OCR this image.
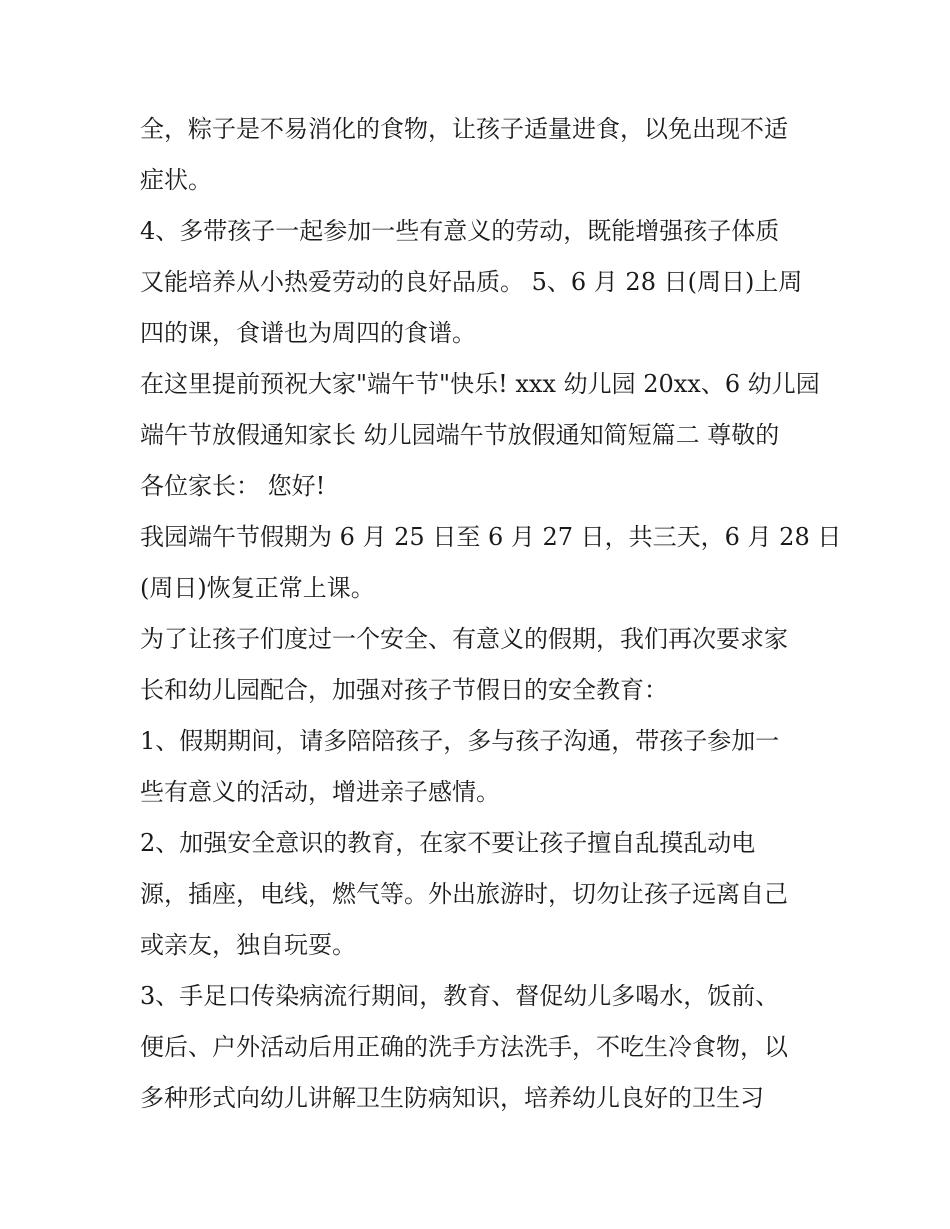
全，粽子是不易消化的食物，让孩子适量进食，以免出现不适
症状。
4、多带孩子一起参加一些有意义的劳动，既能增强孩子体质
又能培养从小热爱劳动的良好品质。 5、6 月 28 日(周日)上周
四的课，食谱也为周四的食谱。
在这里提前预祝大家"端午节"快乐! xxx 幼儿园 20xx、6 幼儿园
端午节放假通知家长 幼儿园端午节放假通知简短篇二 尊敬的
各位家长： 您好!
我园端午节假期为 6 月 25 日至 6 月 27 日，共三天，6 月 28 日
(周日)恢复正常上课。
为了让孩子们度过一个安全、有意义的假期，我们再次要求家
长和幼儿园配合，加强对孩子节假日的安全教育：
1、假期期间，请多陪陪孩子，多与孩子沟通，带孩子参加一
些有意义的活动，增进亲子感情。
2、加强安全意识的教育，在家不要让孩子擅自乱摸乱动电
源，插座，电线，燃气等。外出旅游时，切勿让孩子远离自己
或亲友，独自玩耍。
3、手足口传染病流行期间，教育、督促幼儿多喝水，饭前、
便后、户外活动后用正确的洗手方法洗手，不吃生冷食物，以
多种形式向幼儿讲解卫生防病知识，培养幼儿良好的卫生习
